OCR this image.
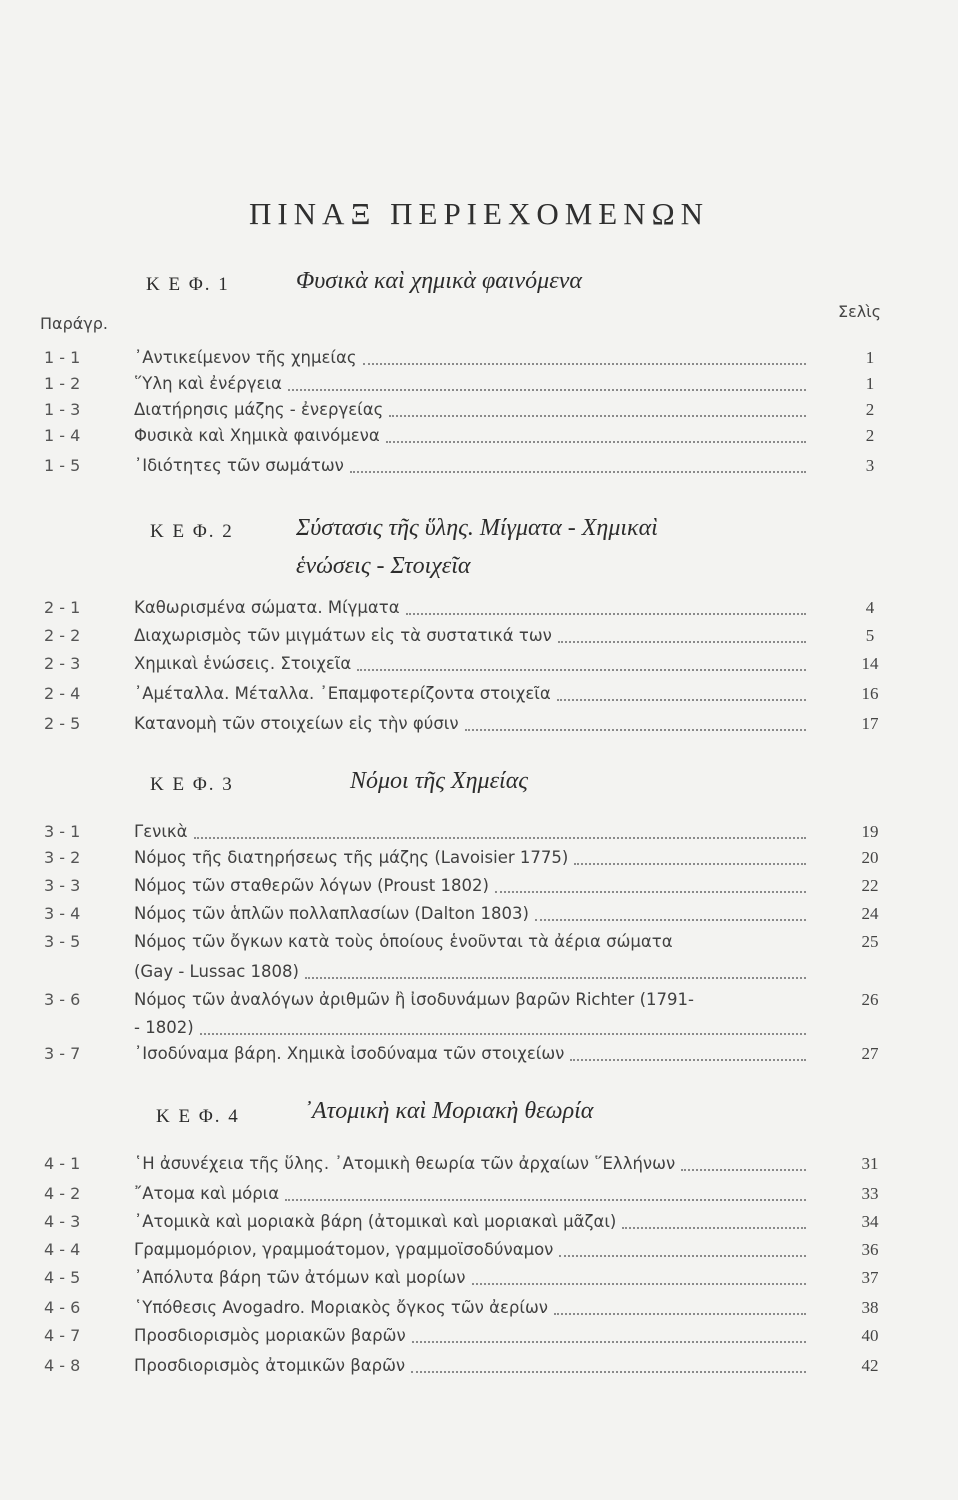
ΠΙΝΑΞ ΠΕΡΙΕΧΟΜΕΝΩΝ
Κ Ε Φ. 1	Φυσικὰ καὶ χημικὰ φαινόμενα
Παράγρ.
Σελὶς
1 - 1	᾿Αντικείμενον τῆς χημείας	1
1 - 2	῞Υλη καὶ ἐνέργεια	1
1 - 3	Διατήρησις μάζης - ἐνεργείας	2
1 - 4	Φυσικὰ καὶ Χημικὰ φαινόμενα	2
1 - 5	᾿Ιδιότητες τῶν σωμάτων	3
Κ Ε Φ. 2	Σύστασις τῆς ὕλης. Μίγματα - Χημικαὶ
ἑνώσεις - Στοιχεῖα
2 - 1	Καθωρισμένα σώματα. Μίγματα	4
2 - 2	Διαχωρισμὸς τῶν μιγμάτων εἰς τὰ συστατικά των	5
2 - 3	Χημικαὶ ἑνώσεις. Στοιχεῖα	14
2 - 4	᾿Αμέταλλα. Μέταλλα. ᾿Επαμφοτερίζοντα στοιχεῖα	16
2 - 5	Κατανομὴ τῶν στοιχείων εἰς τὴν φύσιν	17
Κ Ε Φ. 3	Νόμοι τῆς Χημείας
3 - 1	Γενικὰ	19
3 - 2	Νόμος τῆς διατηρήσεως τῆς μάζης (Lavoisier 1775)	20
3 - 3	Νόμος τῶν σταθερῶν λόγων (Proust 1802)	22
3 - 4	Νόμος τῶν ἁπλῶν πολλαπλασίων (Dalton 1803)	24
3 - 5	Νόμος τῶν ὄγκων κατὰ τοὺς ὁποίους ἑνοῦνται τὰ ἀέρια σώματα	25
(Gay - Lussac 1808)
3 - 6	Νόμος τῶν ἀναλόγων ἀριθμῶν ἢ ἰσοδυνάμων βαρῶν Richter (1791-	26
- 1802)
3 - 7	᾿Ισοδύναμα βάρη. Χημικὰ ἰσοδύναμα τῶν στοιχείων	27
Κ Ε Φ. 4	᾿Ατομικὴ καὶ Μοριακὴ θεωρία
4 - 1	῾Η ἀσυνέχεια τῆς ὕλης. ᾿Ατομικὴ θεωρία τῶν ἀρχαίων ῞Ελλήνων	31
4 - 2	῎Ατομα καὶ μόρια	33
4 - 3	᾿Ατομικὰ καὶ μοριακὰ βάρη (ἀτομικαὶ καὶ μοριακαὶ μᾶζαι)	34
4 - 4	Γραμμομόριον, γραμμοάτομον, γραμμοϊσοδύναμον	36
4 - 5	᾿Απόλυτα βάρη τῶν ἀτόμων καὶ μορίων	37
4 - 6	῾Υπόθεσις Avogadro. Μοριακὸς ὄγκος τῶν ἀερίων	38
4 - 7	Προσδιορισμὸς μοριακῶν βαρῶν	40
4 - 8	Προσδιορισμὸς ἀτομικῶν βαρῶν	42
